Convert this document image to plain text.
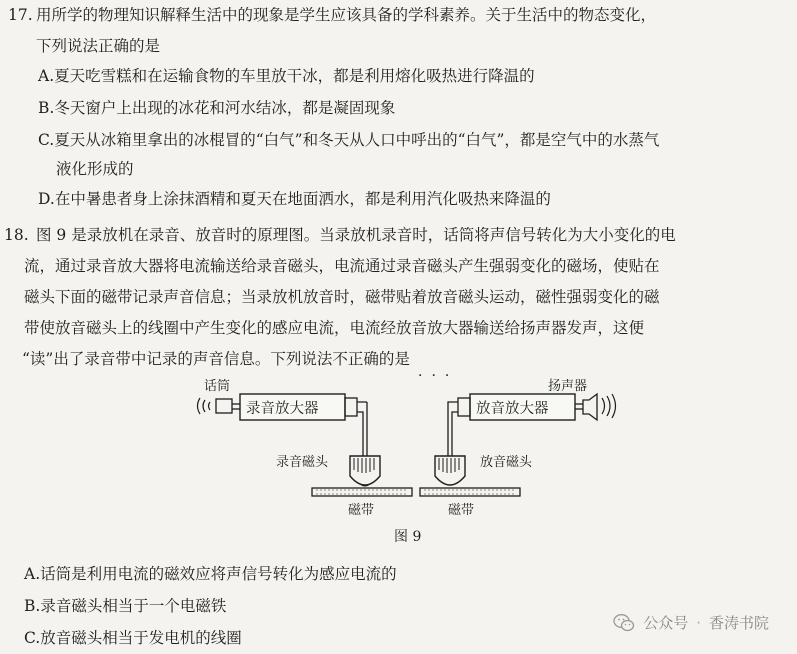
17. 用所学的物理知识解释生活中的现象是学生应该具备的学科素养。关于生活中的物态变化，
下列说法正确的是
A.夏天吃雪糕和在运输食物的车里放干冰，都是利用熔化吸热进行降温的
B.冬天窗户上出现的冰花和河水结冰，都是凝固现象
C.夏天从冰箱里拿出的冰棍冒的“白气”和冬天从人口中呼出的“白气”，都是空气中的水蒸气
液化形成的
D.在中暑患者身上涂抹酒精和夏天在地面洒水，都是利用汽化吸热来降温的
18. 图 9 是录放机在录音、放音时的原理图。当录放机录音时，话筒将声信号转化为大小变化的电
流，通过录音放大器将电流输送给录音磁头，电流通过录音磁头产生强弱变化的磁场，使贴在
磁头下面的磁带记录声音信息；当录放机放音时，磁带贴着放音磁头运动，磁性强弱变化的磁
带使放音磁头上的线圈中产生变化的感应电流，电流经放音放大器输送给扬声器发声，这便
“读”出了录音带中记录的声音信息。下列说法不正确的是
···
话筒
录音放大器
录音磁头
磁带
放音放大器
扬声器
放音磁头
磁带
图 9
A.话筒是利用电流的磁效应将声信号转化为感应电流的
B.录音磁头相当于一个电磁铁
C.放音磁头相当于发电机的线圈
公众号 · 香涛书院
